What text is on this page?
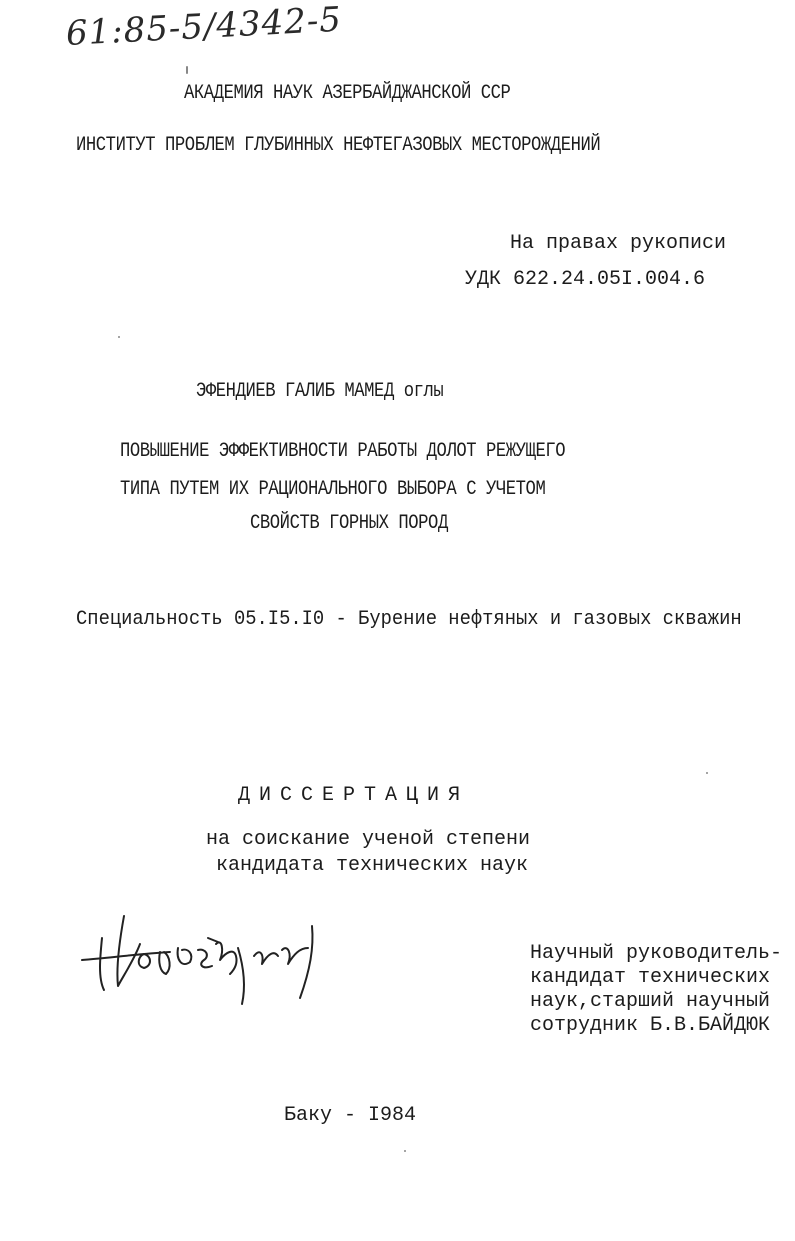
61:85-5/4342-5
АКАДЕМИЯ НАУК АЗЕРБАЙДЖАНСКОЙ ССР
ИНСТИТУТ ПРОБЛЕМ ГЛУБИННЫХ НЕФТЕГАЗОВЫХ МЕСТОРОЖДЕНИЙ
На правах рукописи
УДК 622.24.05I.004.6
ЭФЕНДИЕВ ГАЛИБ МАМЕД оглы
ПОВЫШЕНИЕ ЭФФЕКТИВНОСТИ РАБОТЫ ДОЛОТ РЕЖУЩЕГО
ТИПА ПУТЕМ ИХ РАЦИОНАЛЬНОГО ВЫБОРА С УЧЕТОМ
СВОЙСТВ ГОРНЫХ ПОРОД
Специальность 05.I5.I0 - Бурение нефтяных и газовых скважин
ДИССЕРТАЦИЯ
на соискание ученой степени
кандидата технических наук
Научный руководитель-
кандидат технических
наук,старший научный
сотрудник Б.В.БАЙДЮК
Баку - I984
